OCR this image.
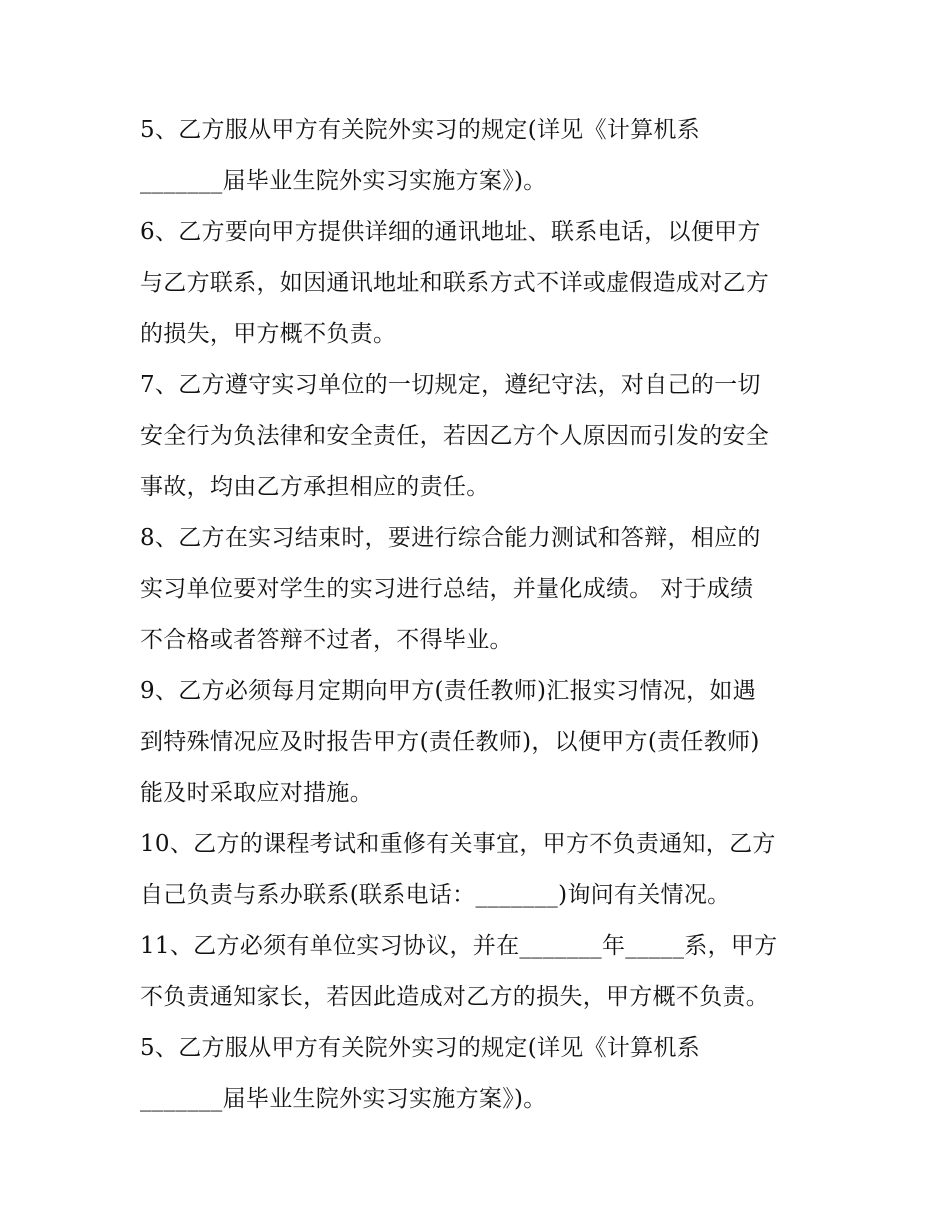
5、乙方服从甲方有关院外实习的规定(详见《计算机系
_______届毕业生院外实习实施方案》)。
6、乙方要向甲方提供详细的通讯地址、联系电话，以便甲方
与乙方联系，如因通讯地址和联系方式不详或虚假造成对乙方
的损失，甲方概不负责。
7、乙方遵守实习单位的一切规定，遵纪守法，对自己的一切
安全行为负法律和安全责任，若因乙方个人原因而引发的安全
事故，均由乙方承担相应的责任。
8、乙方在实习结束时，要进行综合能力测试和答辩，相应的
实习单位要对学生的实习进行总结，并量化成绩。 对于成绩
不合格或者答辩不过者，不得毕业。
9、乙方必须每月定期向甲方(责任教师)汇报实习情况，如遇
到特殊情况应及时报告甲方(责任教师)，以便甲方(责任教师)
能及时采取应对措施。
10、乙方的课程考试和重修有关事宜，甲方不负责通知，乙方
自己负责与系办联系(联系电话：_______)询问有关情况。
11、乙方必须有单位实习协议，并在_______年_____系，甲方
不负责通知家长，若因此造成对乙方的损失，甲方概不负责。
5、乙方服从甲方有关院外实习的规定(详见《计算机系
_______届毕业生院外实习实施方案》)。
